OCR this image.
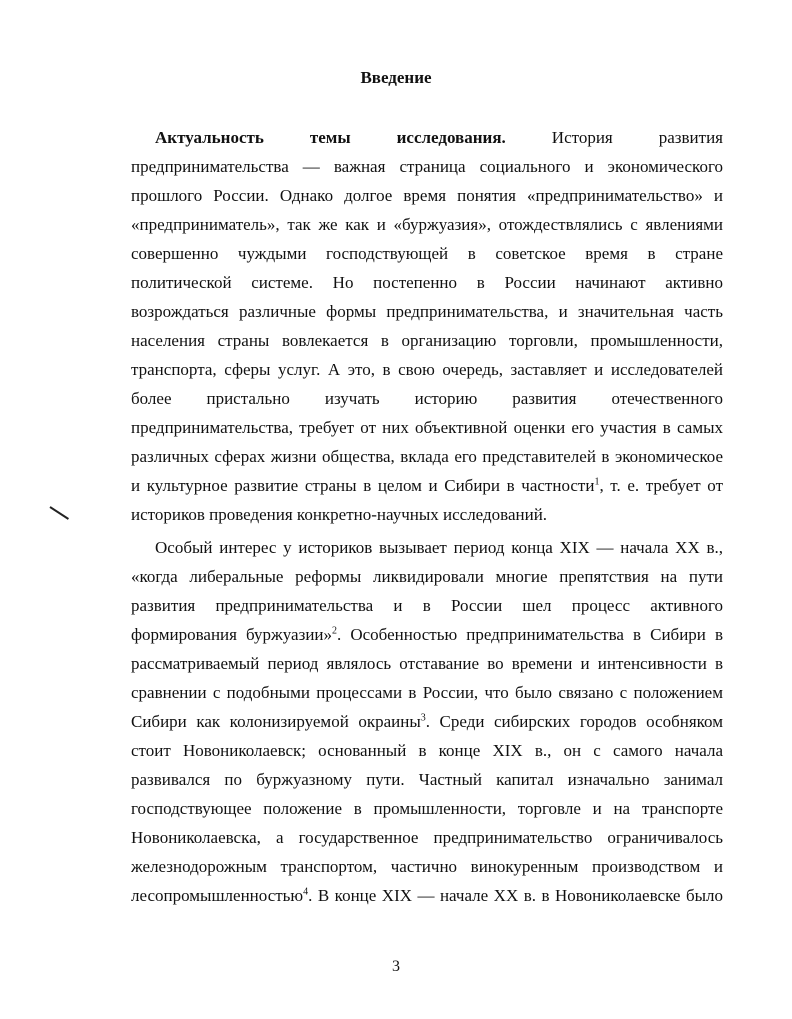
Введение
Актуальность темы исследования. История развития
предпринимательства — важная страница социального и экономического
прошлого России. Однако долгое время понятия «предпринимательство» и
«предприниматель», так же как и «буржуазия», отождествлялись с явлениями
совершенно чуждыми господствующей в советское время в стране
политической системе. Но постепенно в России начинают активно
возрождаться различные формы предпринимательства, и значительная часть
населения страны вовлекается в организацию торговли, промышленности,
транспорта, сферы услуг. А это, в свою очередь, заставляет и исследователей
более пристально изучать историю развития отечественного
предпринимательства, требует от них объективной оценки его участия в самых
различных сферах жизни общества, вклада его представителей в экономическое
и культурное развитие страны в целом и Сибири в частности$^1$, т. е. требует от
историков проведения конкретно-научных исследований.
Особый интерес у историков вызывает период конца XIX — начала XX в.,
«когда либеральные реформы ликвидировали многие препятствия на пути
развития предпринимательства и в России шел процесс активного
формирования буржуазии»$^2$. Особенностью предпринимательства в Сибири в
рассматриваемый период являлось отставание во времени и интенсивности в
сравнении с подобными процессами в России, что было связано с положением
Сибири как колонизируемой окраины$^3$. Среди сибирских городов особняком
стоит Новониколаевск; основанный в конце XIX в., он с самого начала
развивался по буржуазному пути. Частный капитал изначально занимал
господствующее положение в промышленности, торговле и на транспорте
Новониколаевска, а государственное предпринимательство ограничивалось
железнодорожным транспортом, частично винокуренным производством и
лесопромышленностью$^4$. В конце XIX — начале XX в. в Новониколаевске было
3
